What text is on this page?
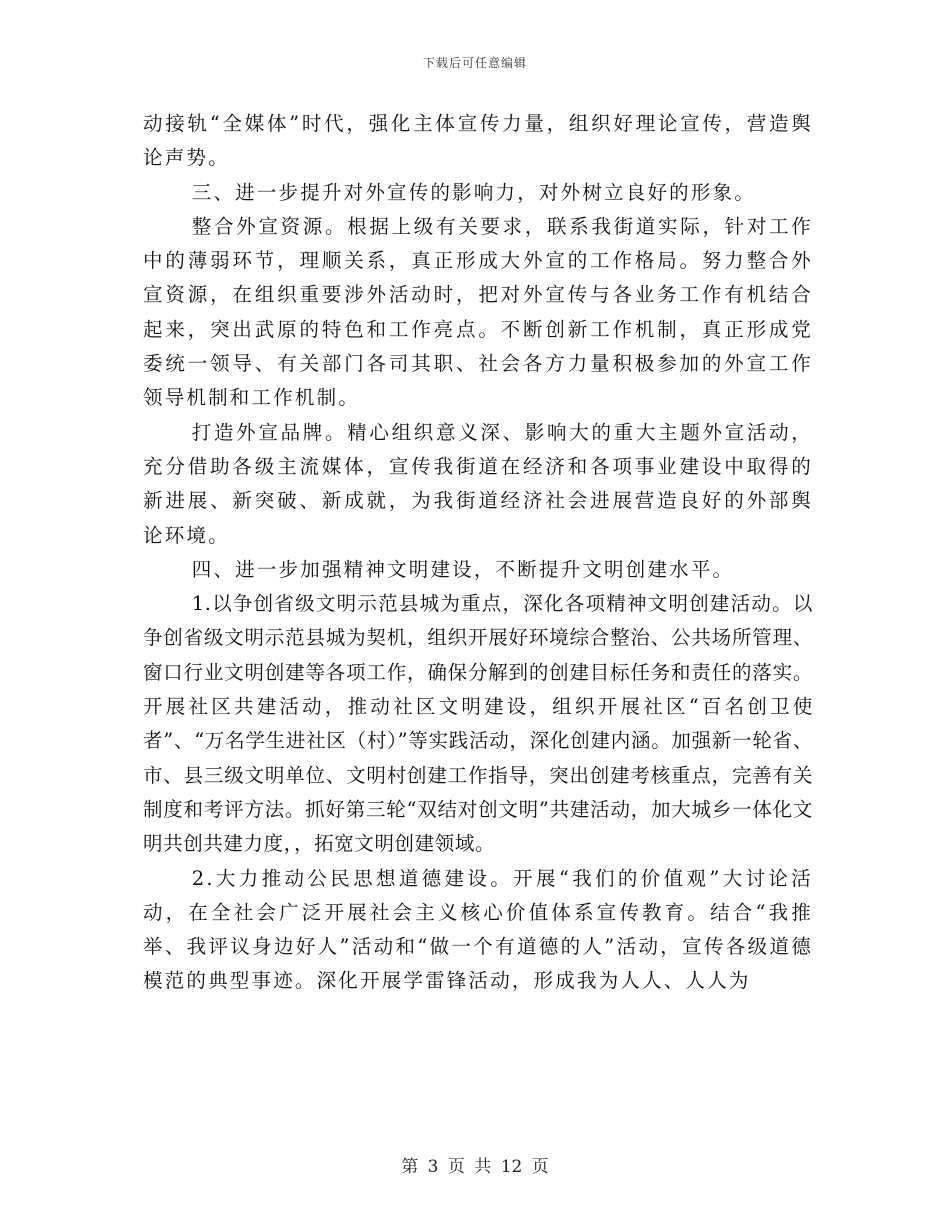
下载后可任意编辑

动接轨“全媒体”时代，强化主体宣传力量，组织好理论宣传，营造舆论声势。

三、进一步提升对外宣传的影响力，对外树立良好的形象。

整合外宣资源。根据上级有关要求，联系我街道实际，针对工作中的薄弱环节，理顺关系，真正形成大外宣的工作格局。努力整合外宣资源，在组织重要涉外活动时，把对外宣传与各业务工作有机结合起来，突出武原的特色和工作亮点。不断创新工作机制，真正形成党委统一领导、有关部门各司其职、社会各方力量积极参加的外宣工作领导机制和工作机制。

打造外宣品牌。精心组织意义深、影响大的重大主题外宣活动，充分借助各级主流媒体，宣传我街道在经济和各项事业建设中取得的新进展、新突破、新成就，为我街道经济社会进展营造良好的外部舆论环境。

四、进一步加强精神文明建设，不断提升文明创建水平。

1.以争创省级文明示范县城为重点，深化各项精神文明创建活动。以争创省级文明示范县城为契机，组织开展好环境综合整治、公共场所管理、窗口行业文明创建等各项工作，确保分解到的创建目标任务和责任的落实。开展社区共建活动，推动社区文明建设，组织开展社区“百名创卫使者”、“万名学生进社区（村）”等实践活动，深化创建内涵。加强新一轮省、市、县三级文明单位、文明村创建工作指导，突出创建考核重点，完善有关制度和考评方法。抓好第三轮“双结对创文明”共建活动，加大城乡一体化文明共创共建力度，，拓宽文明创建领域。

2.大力推动公民思想道德建设。开展“我们的价值观”大讨论活动，在全社会广泛开展社会主义核心价值体系宣传教育。结合“我推举、我评议身边好人”活动和“做一个有道德的人”活动，宣传各级道德模范的典型事迹。深化开展学雷锋活动，形成我为人人、人人为

第 3 页 共 12 页
